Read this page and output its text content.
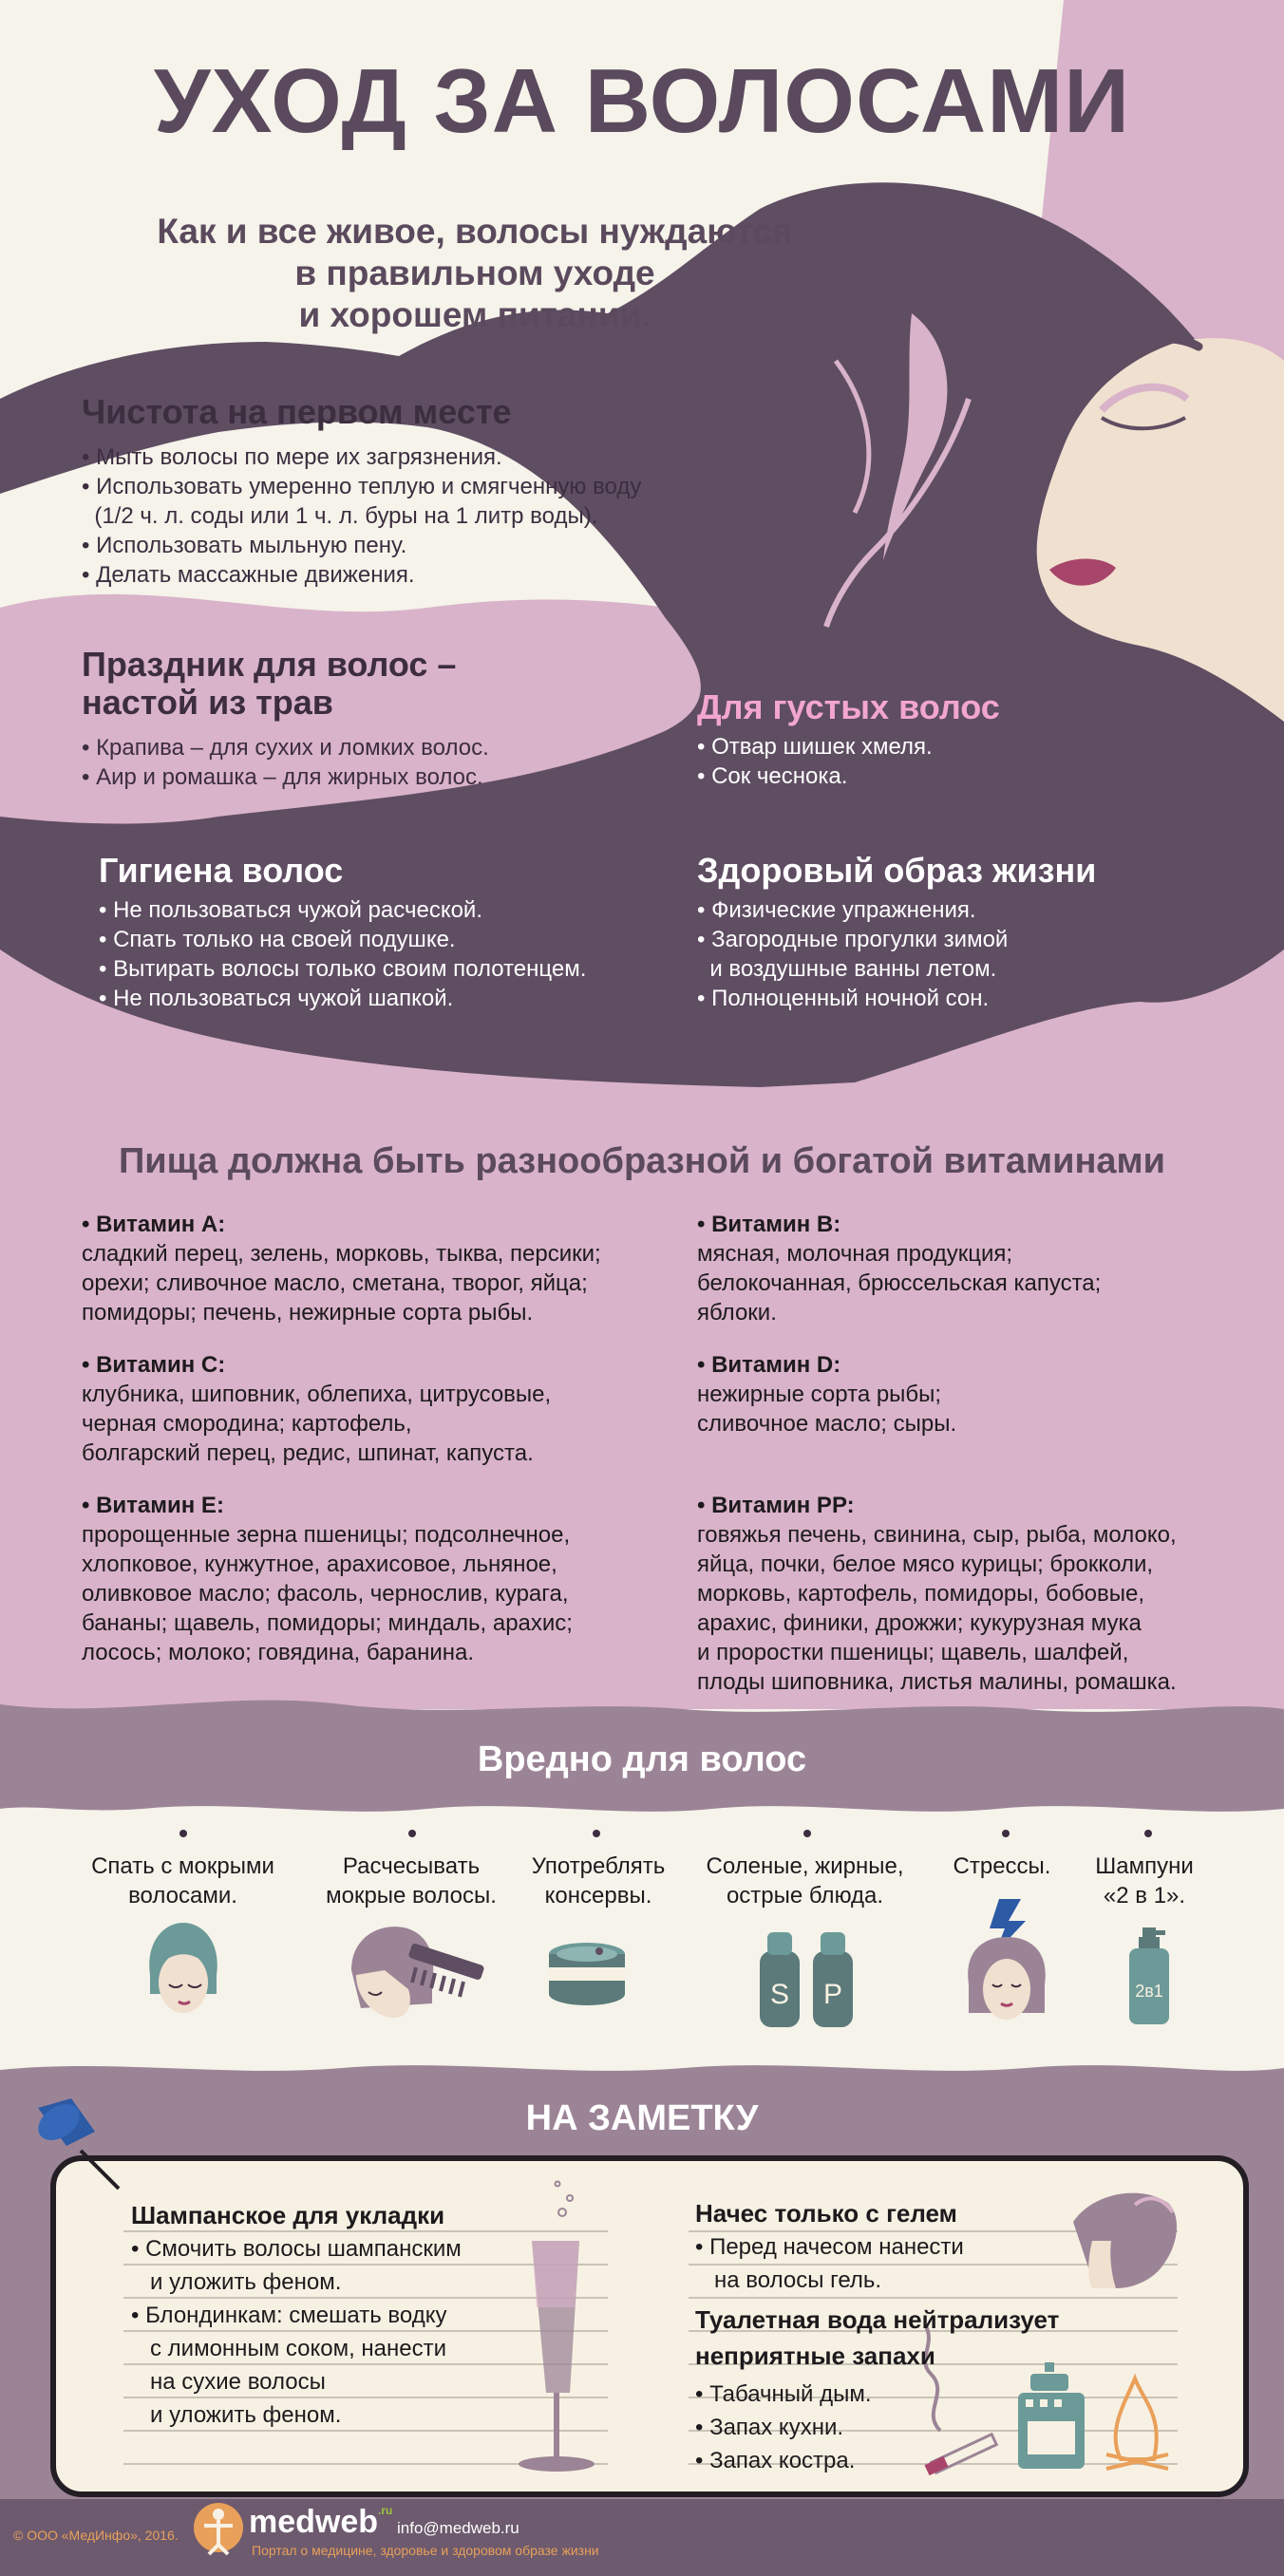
УХОД ЗА ВОЛОСАМИ
Как и все живое, волосы нуждаются
в правильном уходе
и хорошем питании.
Чистота на первом месте
• Мыть волосы по мере их загрязнения.
• Использовать умеренно теплую и смягченную воду
(1/2 ч. л. соды или 1 ч. л. буры на 1 литр воды).
• Использовать мыльную пену.
• Делать массажные движения.
Праздник для волос –
настой из трав
• Крапива – для сухих и ломких волос.
• Аир и ромашка – для жирных волос.
Для густых волос
• Отвар шишек хмеля.
• Сок чеснока.
Гигиена волос
• Не пользоваться чужой расческой.
• Спать только на своей подушке.
• Вытирать волосы только своим полотенцем.
• Не пользоваться чужой шапкой.
Здоровый образ жизни
• Физические упражнения.
• Загородные прогулки зимой
и воздушные ванны летом.
• Полноценный ночной сон.
Пища должна быть разнообразной и богатой витаминами
• Витамин А:
сладкий перец, зелень, морковь, тыква, персики;
орехи; сливочное масло, сметана, творог, яйца;
помидоры; печень, нежирные сорта рыбы.
• Витамин В:
мясная, молочная продукция;
белокочанная, брюссельская капуста;
яблоки.
• Витамин С:
клубника, шиповник, облепиха, цитрусовые,
черная смородина; картофель,
болгарский перец, редис, шпинат, капуста.
• Витамин D:
нежирные сорта рыбы;
сливочное масло; сыры.
• Витамин Е:
пророщенные зерна пшеницы; подсолнечное,
хлопковое, кунжутное, арахисовое, льняное,
оливковое масло; фасоль, чернослив, курага,
бананы; щавель, помидоры; миндаль, арахис;
лосось; молоко; говядина, баранина.
• Витамин РР:
говяжья печень, свинина, сыр, рыба, молоко,
яйца, почки, белое мясо курицы; брокколи,
морковь, картофель, помидоры, бобовые,
арахис, финики, дрожжи; кукурузная мука
и проростки пшеницы; щавель, шалфей,
плоды шиповника, листья малины, ромашка.
Вредно для волос
Спать с мокрыми
волосами.
Расчесывать
мокрые волосы.
Употреблять
консервы.
Соленые, жирные,
острые блюда.
Стрессы.	Шампуни
«2 в 1».
S P	2в1
НА ЗАМЕТКУ
Шампанское для укладки
• Смочить волосы шампанским
и уложить феном.
• Блондинкам: смешать водку
с лимонным соком, нанести
на сухие волосы
и уложить феном.
Начес только с гелем
• Перед начесом нанести
на волосы гель.
Туалетная вода нейтрализует
неприятные запахи
• Табачный дым.
• Запах кухни.
• Запах костра.
© ООО «МедИнфо», 2016. medweb$^{.ru}$
info@medweb.ru
Портал о медицине, здоровье и здоровом образе жизни
